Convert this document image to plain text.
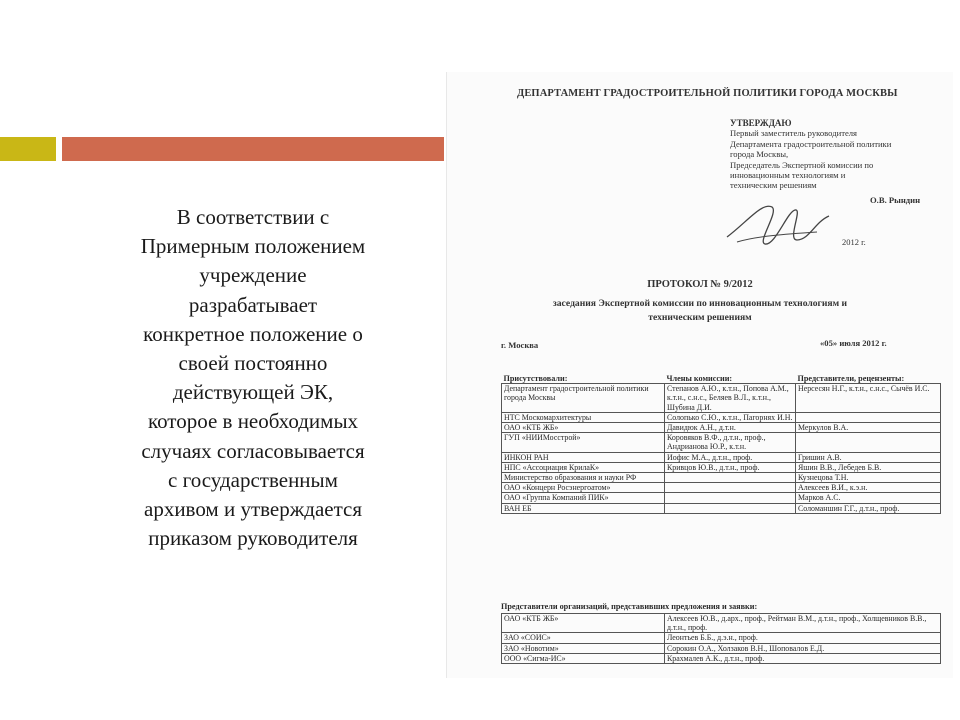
В соответствии с
Примерным положением
учреждение
разрабатывает
конкретное положение о
своей постоянно
действующей ЭК,
которое в необходимых
случаях согласовывается
с государственным
архивом и утверждается
приказом руководителя
ДЕПАРТАМЕНТ ГРАДОСТРОИТЕЛЬНОЙ ПОЛИТИКИ ГОРОДА МОСКВЫ
УТВЕРЖДАЮ
Первый заместитель руководителя
Департамента градостроительной политики
города Москвы,
Председатель Экспертной комиссии по
инновационным технологиям и
техническим решениям
О.В. Рындин
2012 г.
ПРОТОКОЛ № 9/2012
заседания Экспертной комиссии по инновационным технологиям и
техническим решениям
г. Москва	«05» июля 2012 г.
Присутствовали:	Члены комиссии:	Представители, рецензенты:
Департамент градостроительной политики города Москвы	Степанов А.Ю., к.т.н., Попова А.М., к.т.н., с.н.с., Беляев В.Л., к.т.н., Шубина Д.И.	Нерсесян Н.Г., к.т.н., с.н.с., Сычёв И.С.
НТС Москомархитектуры	Солопько С.Ю., к.т.н., Пагорнях И.Н.	
ОАО «КТБ ЖБ»	Давидюк А.Н., д.т.н.	Меркулов В.А.
ГУП «НИИМосстрой»	Коровяков В.Ф., д.т.н., проф., Андрианова Ю.Р., к.т.н.	
ИНКОН РАН	Иофис М.А., д.т.н., проф.	Гришин А.В.
НПС «Ассоциация КрилаК»	Кривцов Ю.В., д.т.н., проф.	Яшин В.В., Лебедев Б.В.
Министерство образования и науки РФ		Кузнецова Т.Н.
ОАО «Концерн Росэнергоатом»		Алексеев В.И., к.э.н.
ОАО «Группа Компаний ПИК»		Марков А.С.
ВАН ЕБ		Соломаншин Г.Г., д.т.н., проф.
Представители организаций, представивших предложения и заявки:
ОАО «КТБ ЖБ»	Алексеев Ю.В., д.арх., проф., Рейтман В.М., д.т.н., проф., Холщевников В.В., д.т.н., проф.
ЗАО «СОИС»	Леонтьев Б.Б., д.э.н., проф.
ЗАО «Новотим»	Сорокин О.А., Холзаков В.Н., Шоповалов Е.Д.
ООО «Сигма-ИС»	Крахмалев А.К., д.т.н., проф.
